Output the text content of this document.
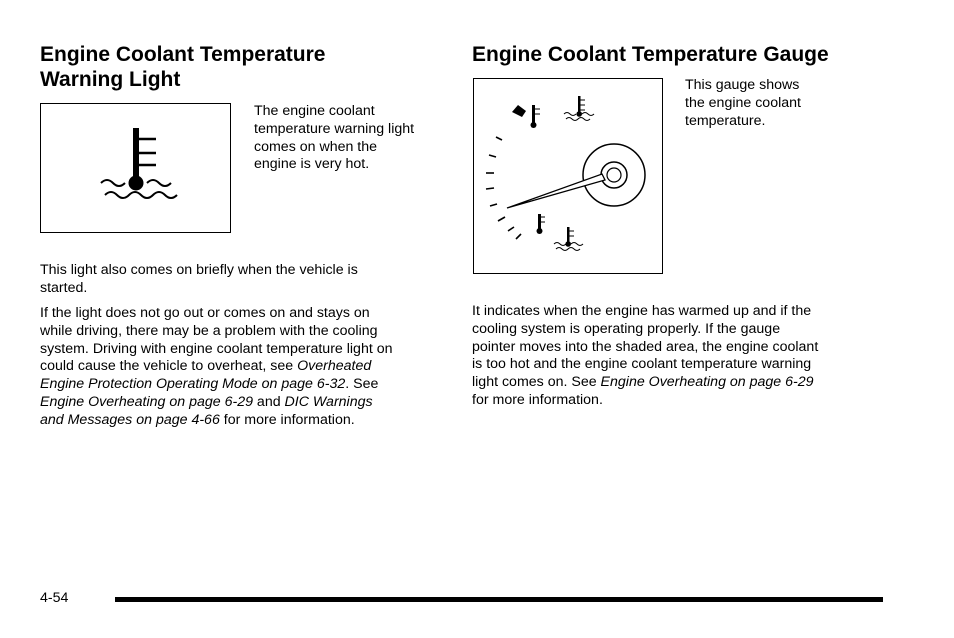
Engine Coolant Temperature
Warning Light
The engine coolant
temperature warning light
comes on when the
engine is very hot.

This light also comes on briefly when the vehicle is
started.

If the light does not go out or comes on and stays on
while driving, there may be a problem with the cooling
system. Driving with engine coolant temperature light on
could cause the vehicle to overheat, see Overheated
Engine Protection Operating Mode on page 6-32. See
Engine Overheating on page 6-29 and DIC Warnings
and Messages on page 4-66 for more information.

Engine Coolant Temperature Gauge
This gauge shows
the engine coolant
temperature.

It indicates when the engine has warmed up and if the
cooling system is operating properly. If the gauge
pointer moves into the shaded area, the engine coolant
is too hot and the engine coolant temperature warning
light comes on. See Engine Overheating on page 6-29
for more information.

4-54
